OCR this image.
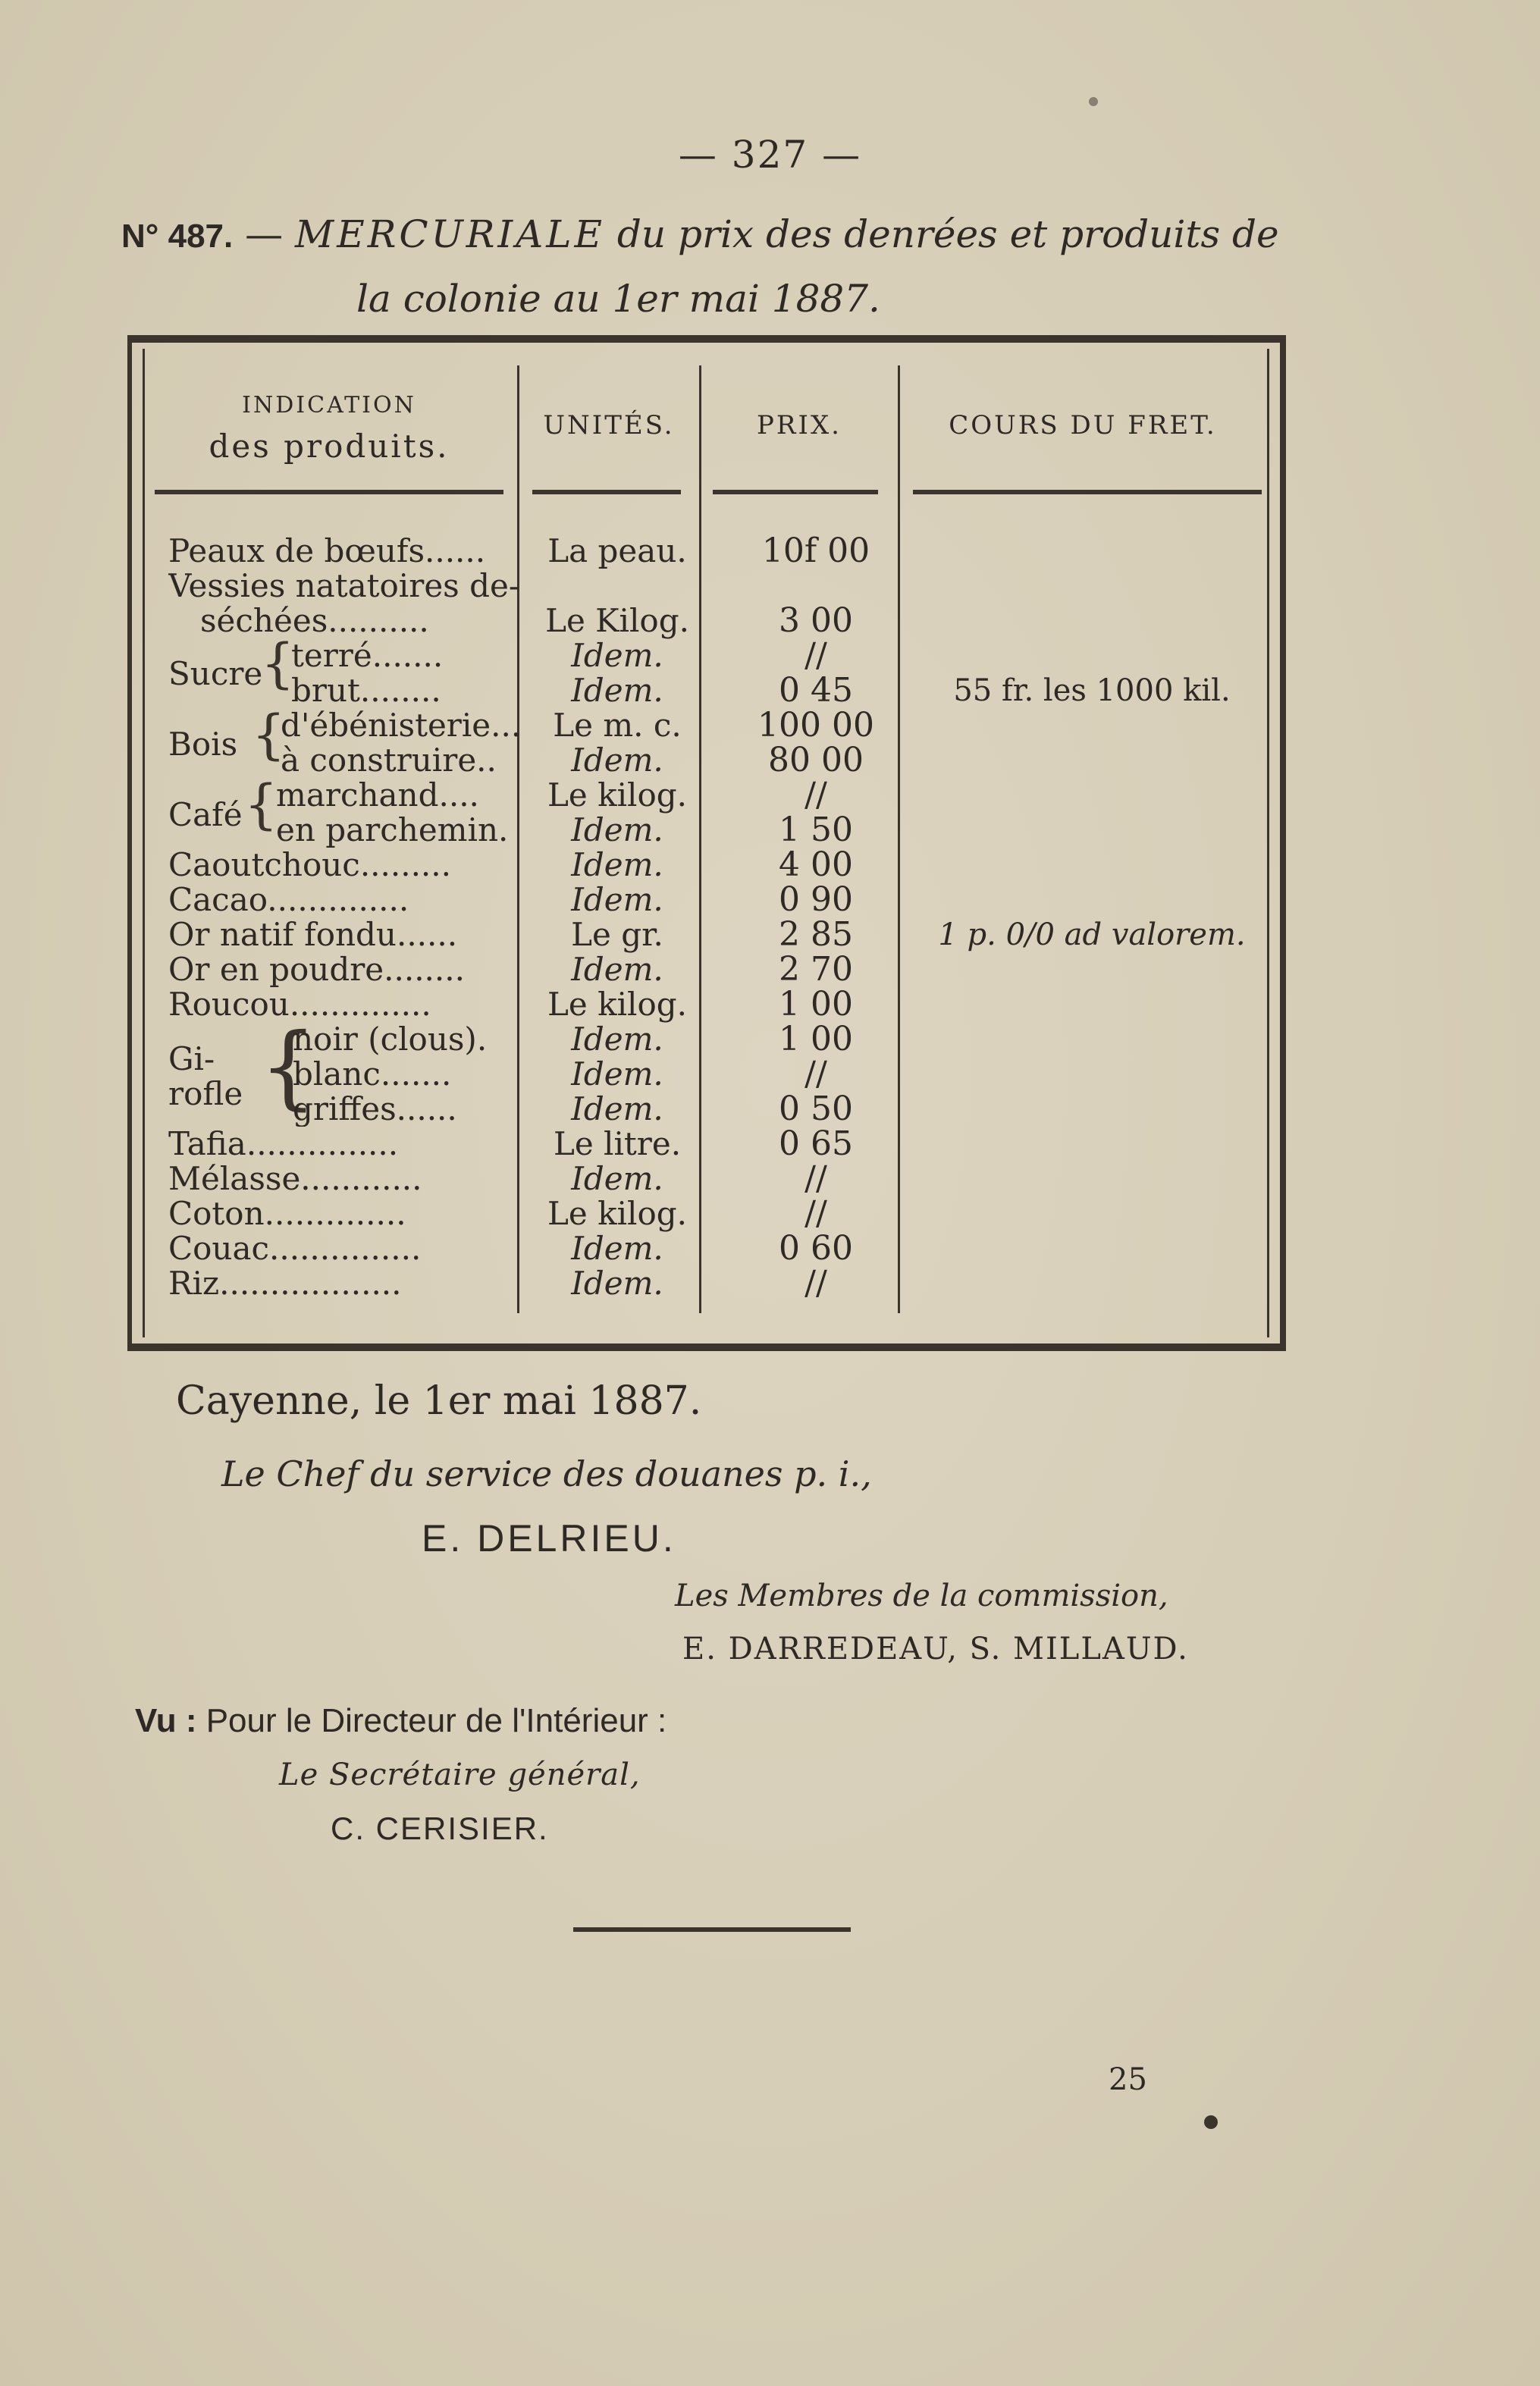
— 327 —
N° 487. — MERCURIALE du prix des denrées et produits de
la colonie au 1er mai 1887.
INDICATION
des produits.
UNITÉS.	PRIX.	COURS DU FRET.
Peaux de bœufs......	La peau.	10f 00
Vessies natatoires de-
séchées..........	Le Kilog.	3 00
Sucre
{
terré.......	Idem.	//
brut........	Idem.	0 45	55 fr. les 1000 kil.
Bois {
d'ébénisterie...	Le m. c.	100 00
à construire..	Idem.	80 00
Café {
marchand....	Le kilog.	//
en parchemin.	Idem.	1 50
Caoutchouc.........	Idem.	4 00
Cacao..............	Idem.	0 90
Or natif fondu......	Le gr.	2 85	1 p. 0/0 ad valorem.
Or en poudre........	Idem.	2 70
Roucou..............	Le kilog.	1 00
Gi-
rofle {
noir (clous).	Idem.	1 00
blanc.......	Idem.	//
griffes......	Idem.	0 50
Tafia...............	Le litre.	0 65
Mélasse............	Idem.	//
Coton..............	Le kilog.	//
Couac...............	Idem.	0 60
Riz..................	Idem.	//
Cayenne, le 1er mai 1887.
Le Chef du service des douanes p. i.,
E. DELRIEU.
Les Membres de la commission,
E. DARREDEAU, S. MILLAUD.
Vu : Pour le Directeur de l'Intérieur :
Le Secrétaire général,
C. CERISIER.
25
